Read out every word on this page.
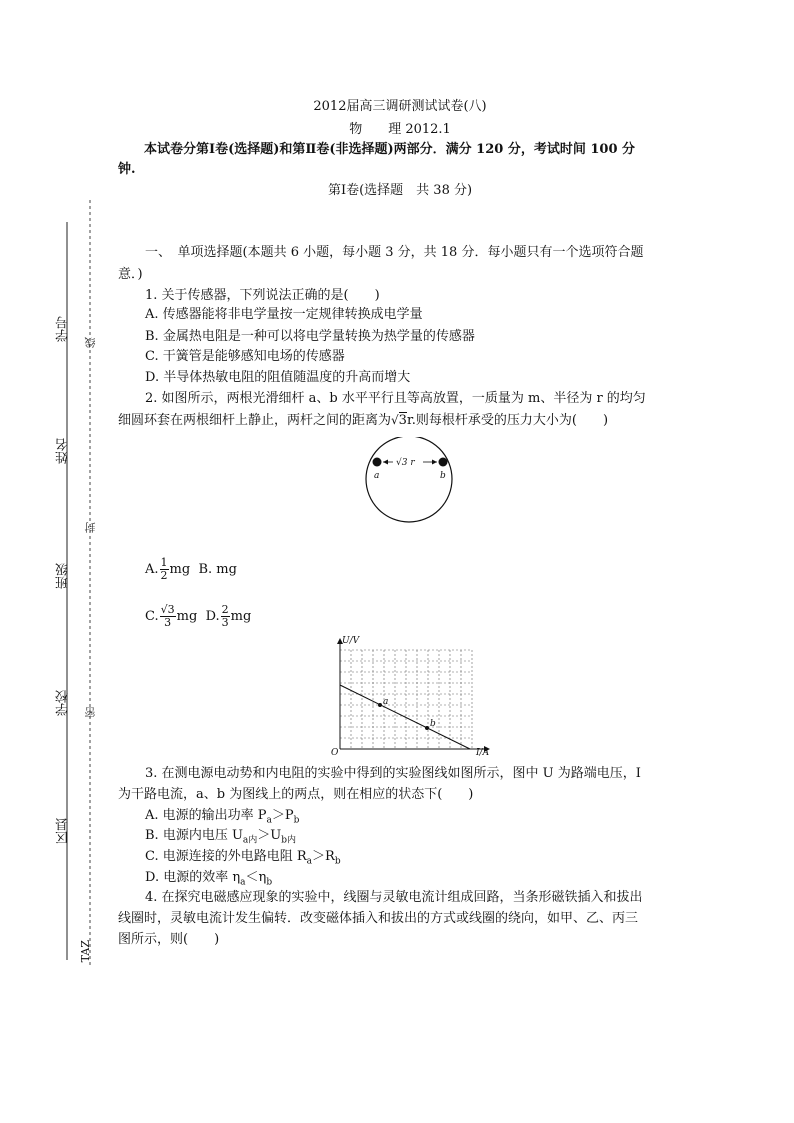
学号
姓名
班级
学校
区县
TAZ
线
封
密
2012届高三调研测试试卷(八)
物　　理 2012.1
本试卷分第Ⅰ卷(选择题)和第Ⅱ卷(非选择题)两部分．满分 120 分，考试时间 100 分
钟.
第Ⅰ卷(选择题　共 38 分)
一、　单项选择题(本题共 6 小题，每小题 3 分，共 18 分．每小题只有一个选项符合题
意．)
1. 关于传感器，下列说法正确的是(　　)
A. 传感器能将非电学量按一定规律转换成电学量
B. 金属热电阻是一种可以将电学量转换为热学量的传感器
C. 干簧管是能够感知电场的传感器
D. 半导体热敏电阻的阻值随温度的升高而增大
2. 如图所示，两根光滑细杆 a、b 水平平行且等高放置，一质量为 m、半径为 r 的均匀
细圆环套在两根细杆上静止，两杆之间的距离为√3r.则每根杆承受的压力大小为(　　)
√3 r
a	b
A. $\frac{1}{2}$ mg B. mg
C. $\frac{√3}{3}$ mg D. $\frac{2}{3}$ mg
U/V
I/A
O
a
b
3. 在测电源电动势和内电阻的实验中得到的实验图线如图所示，图中 U 为路端电压，I
为干路电流，a、b 为图线上的两点，则在相应的状态下(　　)
A. 电源的输出功率 $P_a>P_b$
B. 电源内电压 $U_{a内}>U_{b内}$
C. 电源连接的外电路电阻 $R_a>R_b$
D. 电源的效率 $\eta_a<\eta_b$
4. 在探究电磁感应现象的实验中，线圈与灵敏电流计组成回路，当条形磁铁插入和拔出
线圈时，灵敏电流计发生偏转．改变磁体插入和拔出的方式或线圈的绕向，如甲、乙、丙三
图所示，则(　　)
